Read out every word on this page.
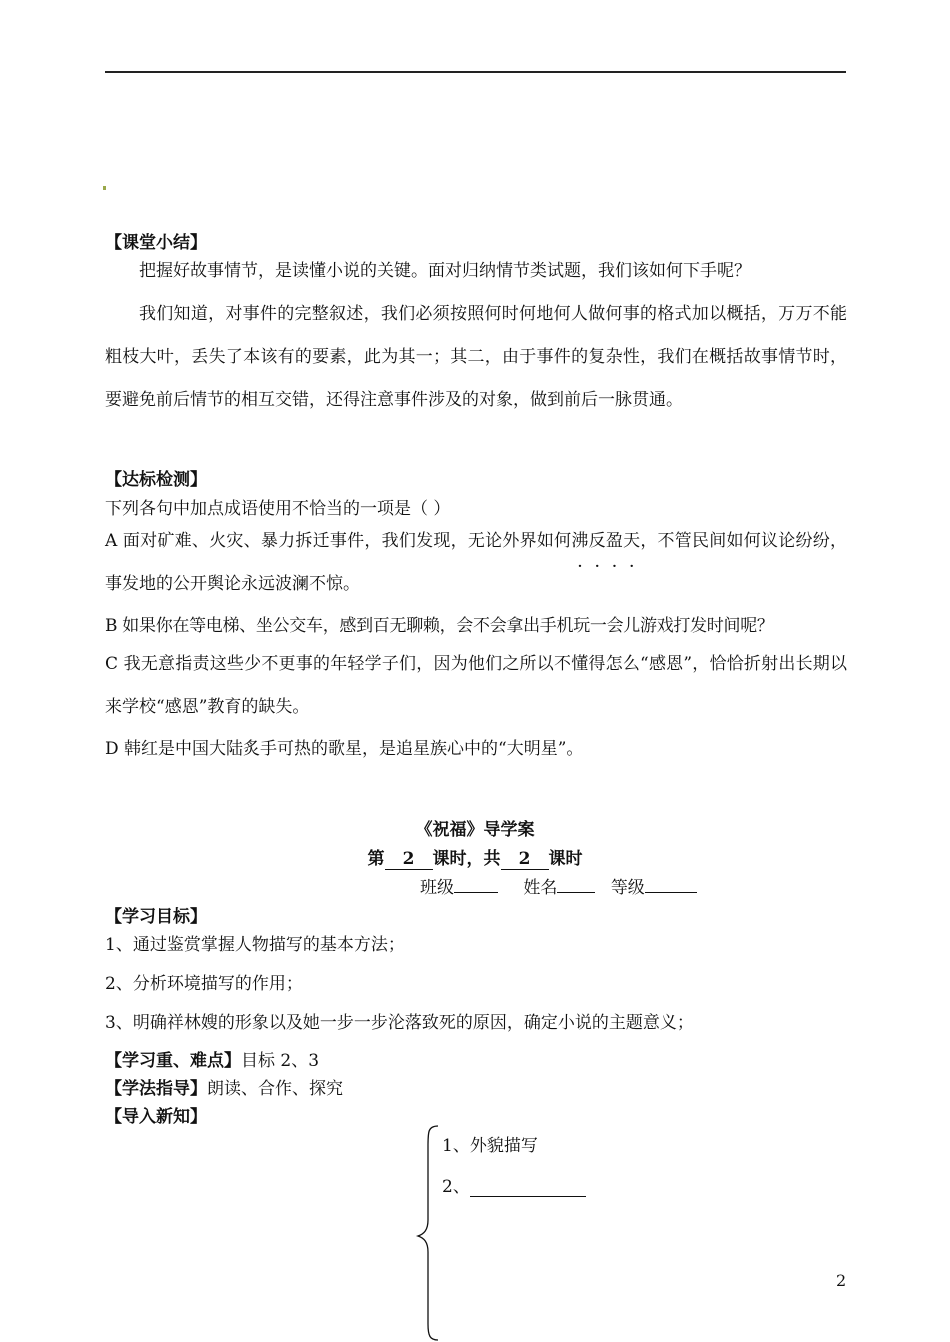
【课堂小结】
把握好故事情节，是读懂小说的关键。面对归纳情节类试题，我们该如何下手呢？
我们知道，对事件的完整叙述，我们必须按照何时何地何人做何事的格式加以概括，万万不能粗枝大叶，丢失了本该有的要素，此为其一；其二，由于事件的复杂性，我们在概括故事情节时，要避免前后情节的相互交错，还得注意事件涉及的对象，做到前后一脉贯通。
【达标检测】
下列各句中加点成语使用不恰当的一项是（ ）
A 面对矿难、火灾、暴力拆迁事件，我们发现，无论外界如何沸反盈天，不管民间如何议论纷纷，事发地的公开舆论永远波澜不惊。
B 如果你在等电梯、坐公交车，感到百无聊赖，会不会拿出手机玩一会儿游戏打发时间呢？
C 我无意指责这些少不更事的年轻学子们，因为他们之所以不懂得怎么“感恩”，恰恰折射出长期以来学校“感恩”教育的缺失。
D 韩红是中国大陆炙手可热的歌星，是追星族心中的“大明星”。
《祝福》导学案
第 2 课时，共 2 课时
班级	姓名	等级
【学习目标】
1、通过鉴赏掌握人物描写的基本方法；
2、分析环境描写的作用；
3、明确祥林嫂的形象以及她一步一步沦落致死的原因，确定小说的主题意义；
【学习重、难点】目标 2、3
【学法指导】朗读、合作、探究
【导入新知】
1、外貌描写
2、
2
